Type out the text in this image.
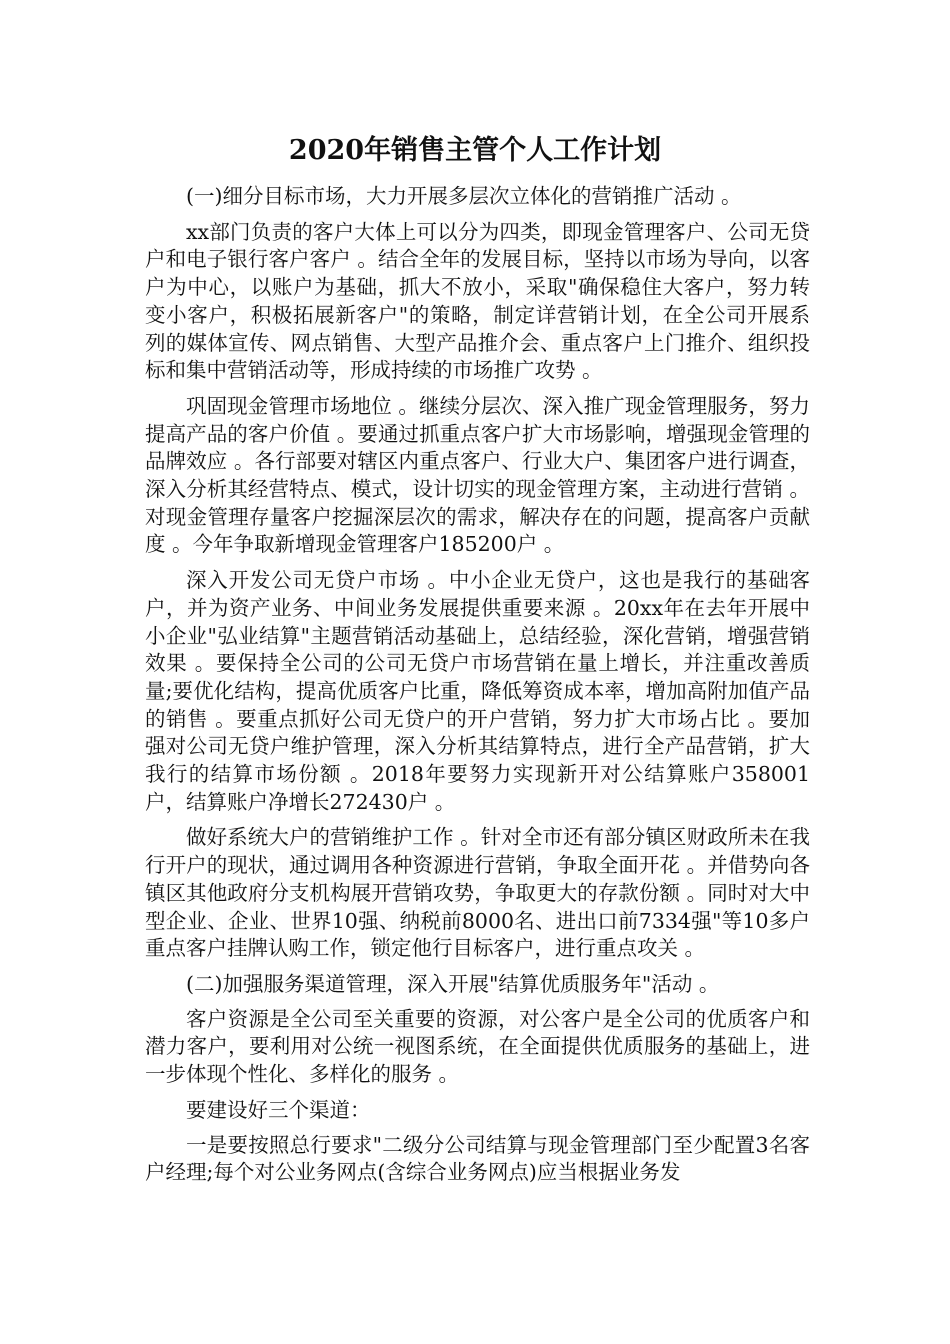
2020年销售主管个人工作计划

(一)细分目标市场，大力开展多层次立体化的营销推广活动 。

xx部门负责的客户大体上可以分为四类，即现金管理客户、公司无贷户和电子银行客户客户 。结合全年的发展目标，坚持以市场为导向，以客户为中心，以账户为基础，抓大不放小，采取"确保稳住大客户，努力转变小客户，积极拓展新客户"的策略，制定详营销计划，在全公司开展系列的媒体宣传、网点销售、大型产品推介会、重点客户上门推介、组织投标和集中营销活动等，形成持续的市场推广攻势 。

巩固现金管理市场地位 。继续分层次、深入推广现金管理服务，努力提高产品的客户价值 。要通过抓重点客户扩大市场影响，增强现金管理的品牌效应 。各行部要对辖区内重点客户、行业大户、集团客户进行调查，深入分析其经营特点、模式，设计切实的现金管理方案，主动进行营销 。对现金管理存量客户挖掘深层次的需求，解决存在的问题，提高客户贡献度 。今年争取新增现金管理客户185200户 。

深入开发公司无贷户市场 。中小企业无贷户，这也是我行的基础客户，并为资产业务、中间业务发展提供重要来源 。20xx年在去年开展中小企业"弘业结算"主题营销活动基础上，总结经验，深化营销，增强营销效果 。要保持全公司的公司无贷户市场营销在量上增长，并注重改善质量;要优化结构，提高优质客户比重，降低筹资成本率，增加高附加值产品的销售 。要重点抓好公司无贷户的开户营销，努力扩大市场占比 。要加强对公司无贷户维护管理，深入分析其结算特点，进行全产品营销，扩大我行的结算市场份额 。2018年要努力实现新开对公结算账户358001户，结算账户净增长272430户 。

做好系统大户的营销维护工作 。针对全市还有部分镇区财政所未在我行开户的现状，通过调用各种资源进行营销，争取全面开花 。并借势向各镇区其他政府分支机构展开营销攻势，争取更大的存款份额 。同时对大中型企业、企业、世界10强、纳税前8000名、进出口前7334强"等10多户重点客户挂牌认购工作，锁定他行目标客户，进行重点攻关 。

(二)加强服务渠道管理，深入开展"结算优质服务年"活动 。

客户资源是全公司至关重要的资源，对公客户是全公司的优质客户和潜力客户，要利用对公统一视图系统，在全面提供优质服务的基础上，进一步体现个性化、多样化的服务 。

要建设好三个渠道：

一是要按照总行要求"二级分公司结算与现金管理部门至少配置3名客户经理;每个对公业务网点(含综合业务网点)应当根据业务发
